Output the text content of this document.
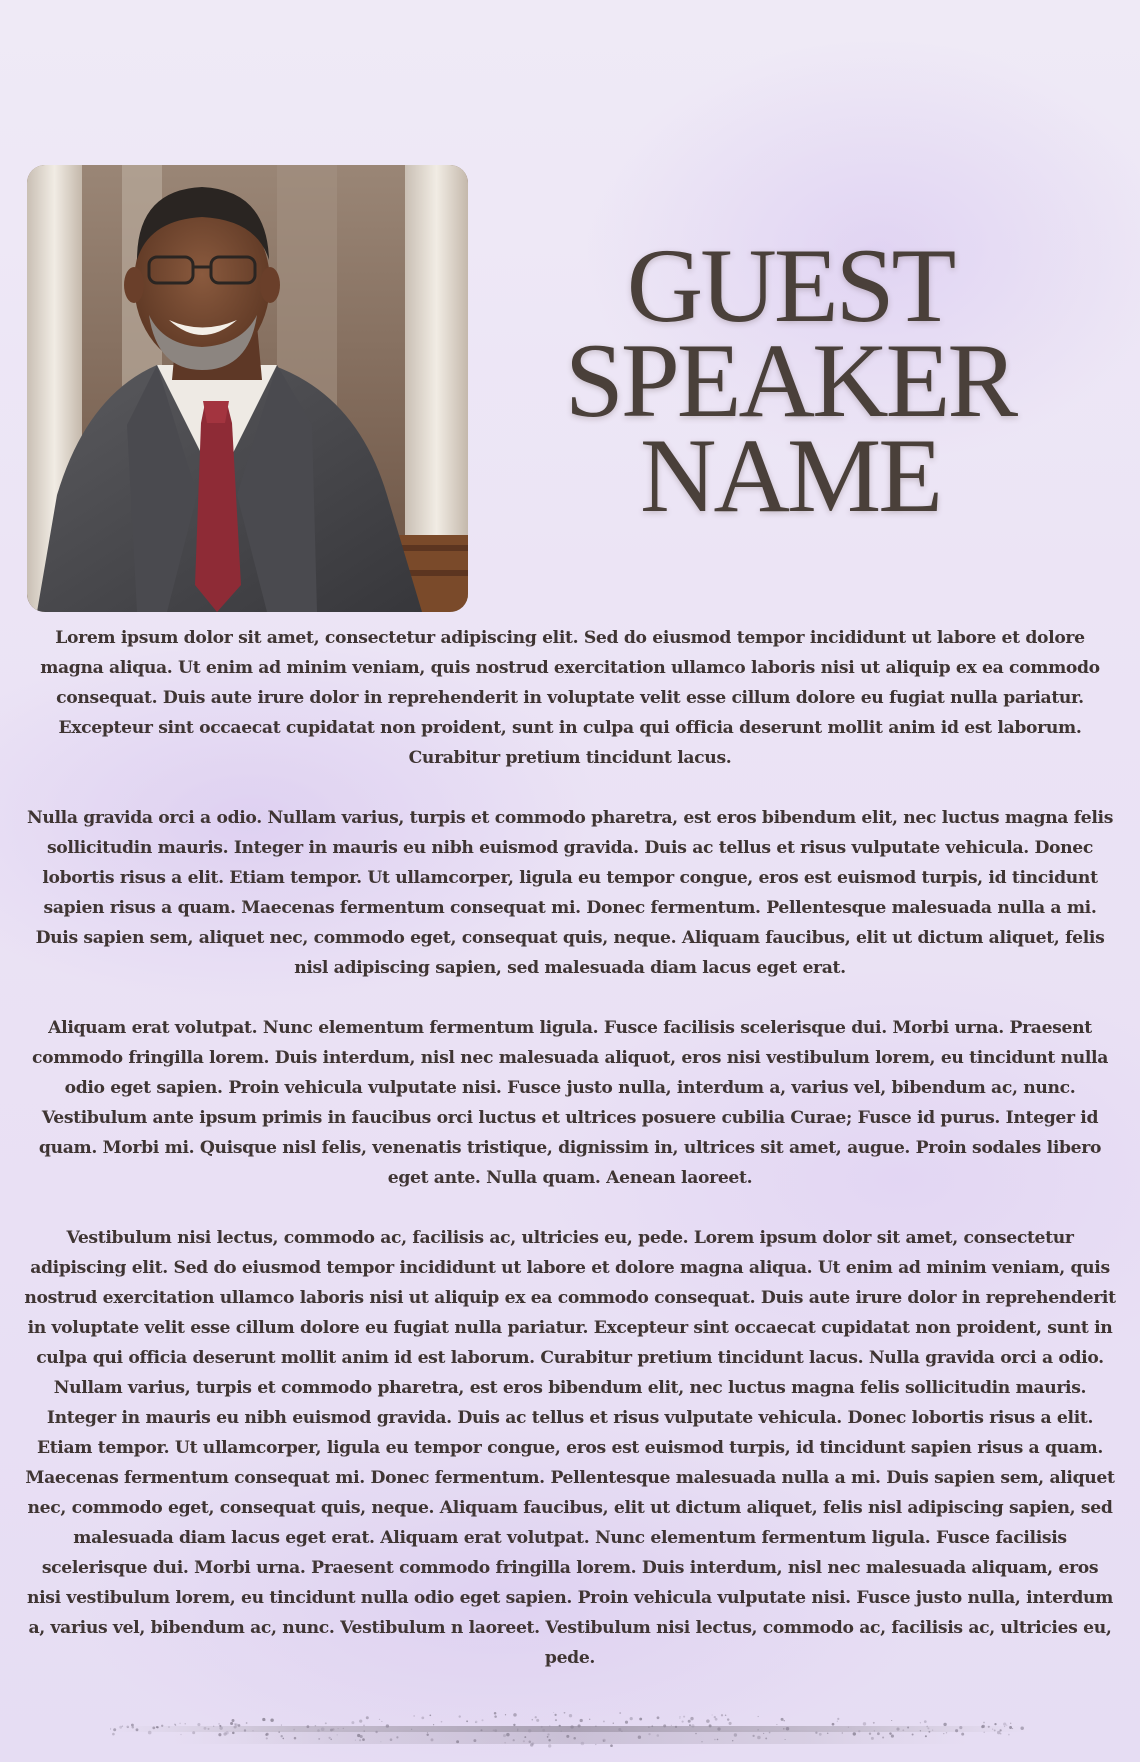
GUEST
SPEAKER
NAME

Lorem ipsum dolor sit amet, consectetur adipiscing elit. Sed do eiusmod tempor incididunt ut labore et dolore magna aliqua. Ut enim ad minim veniam, quis nostrud exercitation ullamco laboris nisi ut aliquip ex ea commodo consequat. Duis aute irure dolor in reprehenderit in voluptate velit esse cillum dolore eu fugiat nulla pariatur. Excepteur sint occaecat cupidatat non proident, sunt in culpa qui officia deserunt mollit anim id est laborum. Curabitur pretium tincidunt lacus.

Nulla gravida orci a odio. Nullam varius, turpis et commodo pharetra, est eros bibendum elit, nec luctus magna felis sollicitudin mauris. Integer in mauris eu nibh euismod gravida. Duis ac tellus et risus vulputate vehicula. Donec lobortis risus a elit. Etiam tempor. Ut ullamcorper, ligula eu tempor congue, eros est euismod turpis, id tincidunt sapien risus a quam. Maecenas fermentum consequat mi. Donec fermentum. Pellentesque malesuada nulla a mi. Duis sapien sem, aliquet nec, commodo eget, consequat quis, neque. Aliquam faucibus, elit ut dictum aliquet, felis nisl adipiscing sapien, sed malesuada diam lacus eget erat.

Aliquam erat volutpat. Nunc elementum fermentum ligula. Fusce facilisis scelerisque dui. Morbi urna. Praesent commodo fringilla lorem. Duis interdum, nisl nec malesuada aliquot, eros nisi vestibulum lorem, eu tincidunt nulla odio eget sapien. Proin vehicula vulputate nisi. Fusce justo nulla, interdum a, varius vel, bibendum ac, nunc. Vestibulum ante ipsum primis in faucibus orci luctus et ultrices posuere cubilia Curae; Fusce id purus. Integer id quam. Morbi mi. Quisque nisl felis, venenatis tristique, dignissim in, ultrices sit amet, augue. Proin sodales libero eget ante. Nulla quam. Aenean laoreet.

Vestibulum nisi lectus, commodo ac, facilisis ac, ultricies eu, pede. Lorem ipsum dolor sit amet, consectetur adipiscing elit. Sed do eiusmod tempor incididunt ut labore et dolore magna aliqua. Ut enim ad minim veniam, quis nostrud exercitation ullamco laboris nisi ut aliquip ex ea commodo consequat. Duis aute irure dolor in reprehenderit in voluptate velit esse cillum dolore eu fugiat nulla pariatur. Excepteur sint occaecat cupidatat non proident, sunt in culpa qui officia deserunt mollit anim id est laborum. Curabitur pretium tincidunt lacus. Nulla gravida orci a odio. Nullam varius, turpis et commodo pharetra, est eros bibendum elit, nec luctus magna felis sollicitudin mauris. Integer in mauris eu nibh euismod gravida. Duis ac tellus et risus vulputate vehicula. Donec lobortis risus a elit. Etiam tempor. Ut ullamcorper, ligula eu tempor congue, eros est euismod turpis, id tincidunt sapien risus a quam.

Maecenas fermentum consequat mi. Donec fermentum. Pellentesque malesuada nulla a mi. Duis sapien sem, aliquet nec, commodo eget, consequat quis, neque. Aliquam faucibus, elit ut dictum aliquet, felis nisl adipiscing sapien, sed malesuada diam lacus eget erat. Aliquam erat volutpat. Nunc elementum fermentum ligula. Fusce facilisis scelerisque dui. Morbi urna. Praesent commodo fringilla lorem. Duis interdum, nisl nec malesuada aliquam, eros nisi vestibulum lorem, eu tincidunt nulla odio eget sapien. Proin vehicula vulputate nisi. Fusce justo nulla, interdum a, varius vel, bibendum ac, nunc. Vestibulum n laoreet. Vestibulum nisi lectus, commodo ac, facilisis ac, ultricies eu, pede.
